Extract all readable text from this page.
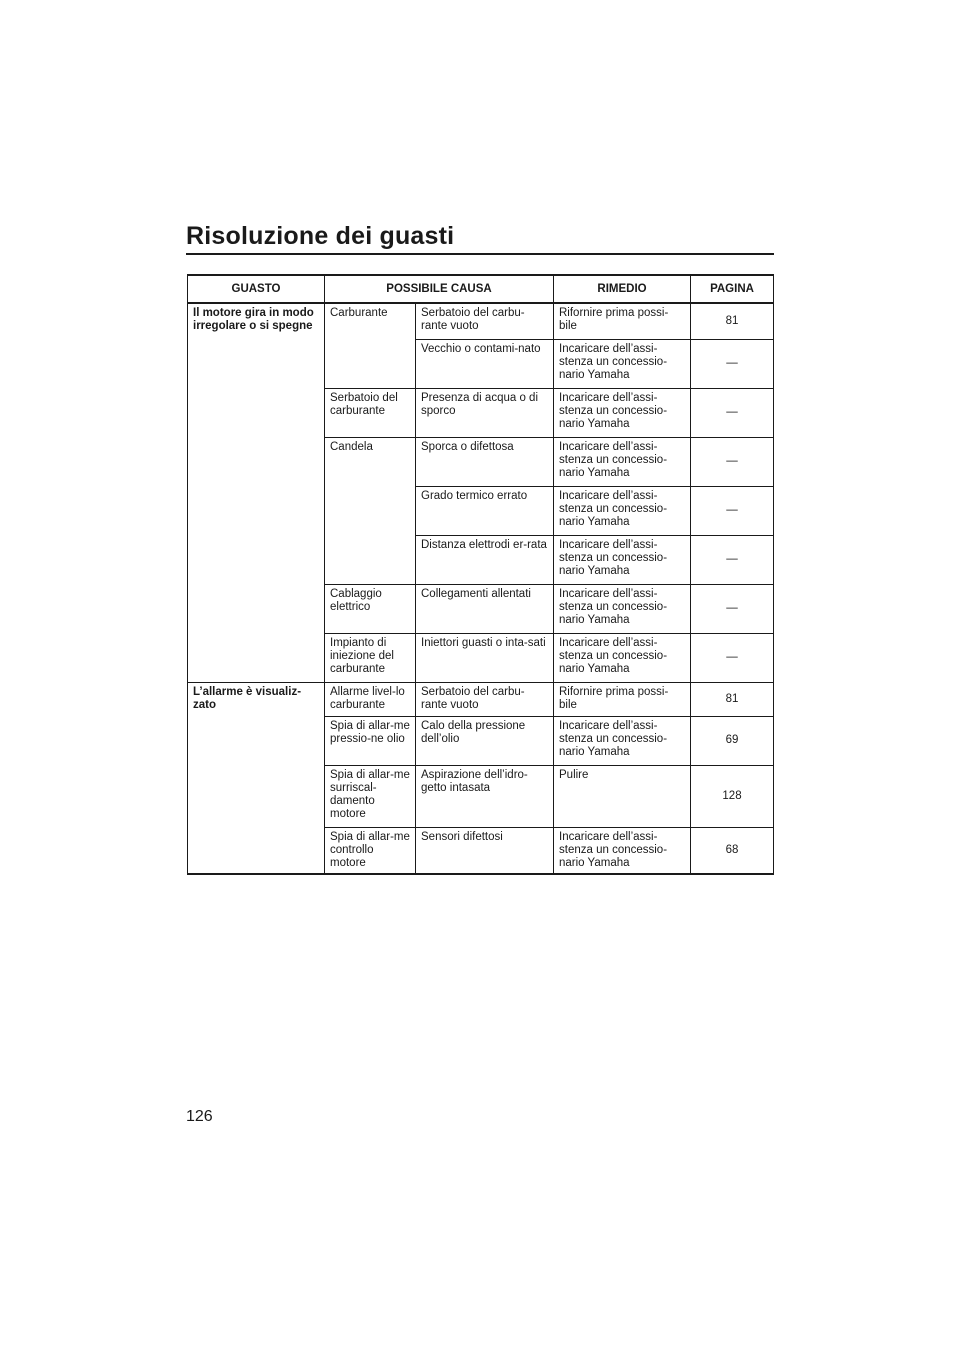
Risoluzione dei guasti
GUASTO	POSSIBILE CAUSA		RIMEDIO	PAGINA
Il motore gira in modo irregolare o si spegne	Carburante	Serbatoio del carbu-rante vuoto	Rifornire prima possi-bile	81
		Vecchio o contami-nato	Incaricare dell’assi-stenza un concessio-nario Yamaha	—
	Serbatoio del carburante	Presenza di acqua o di sporco	Incaricare dell’assi-stenza un concessio-nario Yamaha	—
	Candela	Sporca o difettosa	Incaricare dell’assi-stenza un concessio-nario Yamaha	—
		Grado termico errato	Incaricare dell’assi-stenza un concessio-nario Yamaha	—
		Distanza elettrodi er-rata	Incaricare dell’assi-stenza un concessio-nario Yamaha	—
	Cablaggio elettrico	Collegamenti allentati	Incaricare dell’assi-stenza un concessio-nario Yamaha	—
	Impianto di iniezione del carburante	Iniettori guasti o inta-sati	Incaricare dell’assi-stenza un concessio-nario Yamaha	—
L’allarme è visualiz-zato	Allarme livel-lo carburante	Serbatoio del carbu-rante vuoto	Rifornire prima possi-bile	81
	Spia di allar-me pressio-ne olio	Calo della pressione dell’olio	Incaricare dell’assi-stenza un concessio-nario Yamaha	69
	Spia di allar-me surriscal-damento motore	Aspirazione dell’idro-getto intasata	Pulire	128
	Spia di allar-me controllo motore	Sensori difettosi	Incaricare dell’assi-stenza un concessio-nario Yamaha	68
126
